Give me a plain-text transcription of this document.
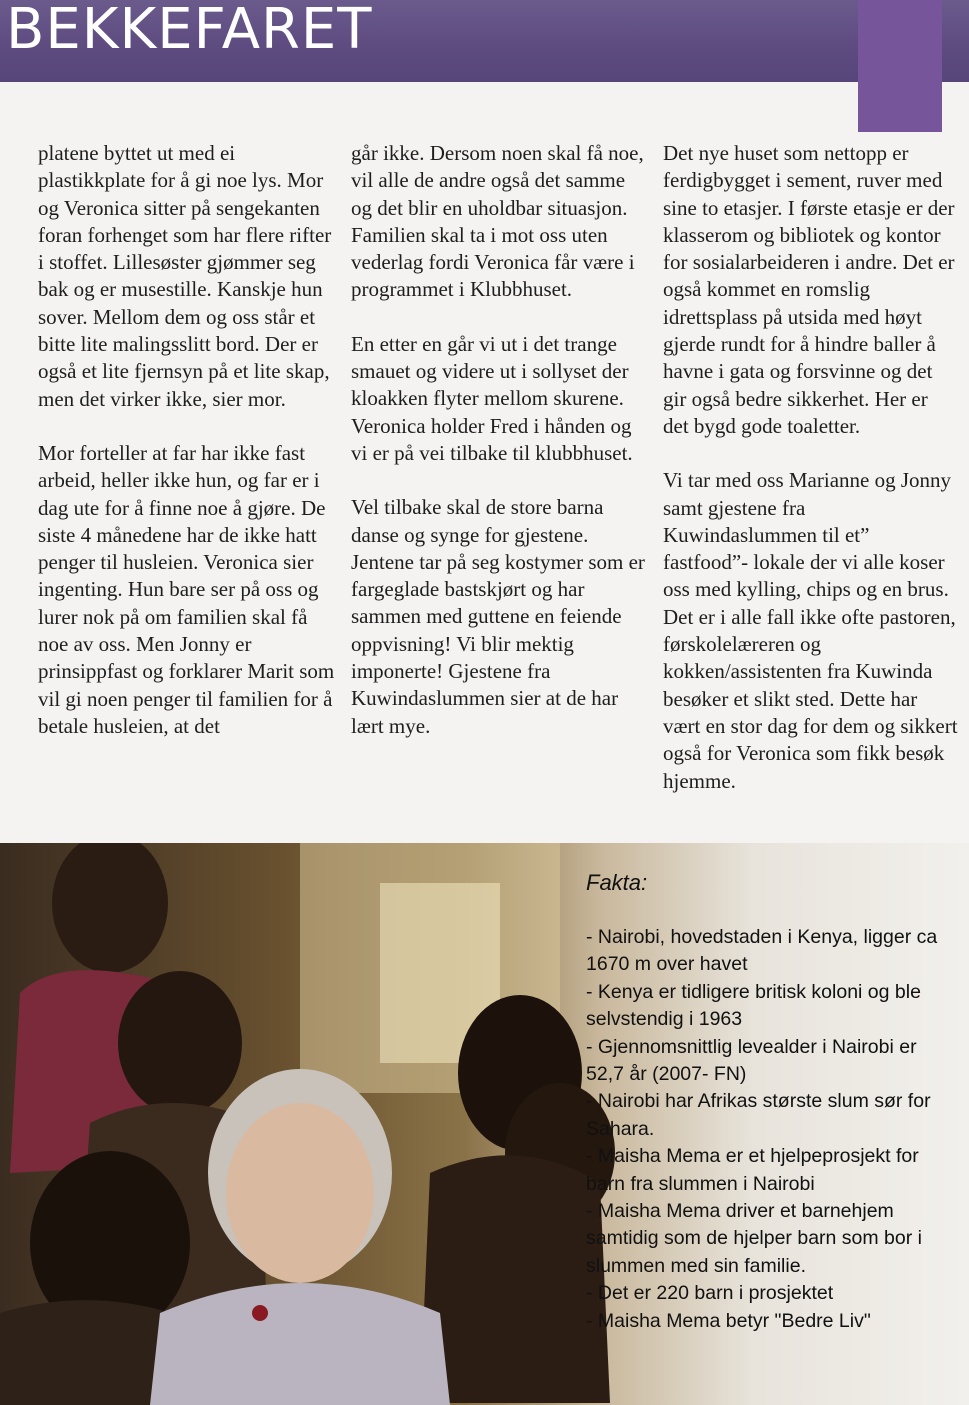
BEKKEFARET

platene byttet ut med ei plastikkplate for å gi noe lys. Mor og Veronica sitter på sengekanten foran forhenget som har flere rifter i stoffet. Lillesøster gjømmer seg bak og er musestille. Kanskje hun sover. Mellom dem og oss står et bitte lite malingsslitt bord. Der er også et lite fjernsyn på et lite skap, men det virker ikke, sier mor.

Mor forteller at far har ikke fast arbeid, heller ikke hun, og far er i dag ute for å finne noe å gjøre. De siste 4 månedene har de ikke hatt penger til husleien. Veronica sier ingenting. Hun bare ser på oss og lurer nok på om familien skal få noe av oss. Men Jonny er prinsippfast og forklarer Marit som vil gi noen penger til familien for å betale husleien, at det

går ikke. Dersom noen skal få noe, vil alle de andre også det samme og det blir en uholdbar situasjon. Familien skal ta i mot oss uten vederlag fordi Veronica får være i programmet i Klubbhuset.

En etter en går vi ut i det trange smauet og videre ut i sollyset der kloakken flyter mellom skurene. Veronica holder Fred i hånden og vi er på vei tilbake til klubbhuset.

Vel tilbake skal de store barna danse og synge for gjestene. Jentene tar på seg kostymer som er fargeglade bastskjørt og har sammen med guttene en feiende oppvisning! Vi blir mektig imponerte! Gjestene fra Kuwindaslummen sier at de har lært mye.

Det nye huset som nettopp er ferdigbygget i sement, ruver med sine to etasjer. I første etasje er der klasserom og bibliotek og kontor for sosialarbeideren i andre. Det er også kommet en romslig idrettsplass på utsida med høyt gjerde rundt for å hindre baller å havne i gata og forsvinne og det gir også bedre sikkerhet. Her er det bygd gode toaletter.

Vi tar med oss Marianne og Jonny samt gjestene fra Kuwindaslummen til et” fastfood”- lokale der vi alle koser oss med kylling, chips og en brus. Det er i alle fall ikke ofte pastoren, førskolelæreren og kokken/assistenten fra Kuwinda besøker et slikt sted. Dette har vært en stor dag for dem og sikkert også for Veronica som fikk besøk hjemme.

Fakta:
- Nairobi, hovedstaden i Kenya, ligger ca 1670 m over havet
- Kenya er tidligere britisk koloni og ble selvstendig i 1963
- Gjennomsnittlig levealder i Nairobi er 52,7 år (2007- FN)
- Nairobi har Afrikas største slum sør for Sahara.
- Maisha Mema er et hjelpeprosjekt for barn fra slummen i Nairobi
- Maisha Mema driver et barnehjem samtidig som de hjelper barn som bor i slummen med sin familie.
- Det er 220 barn i prosjektet
- Maisha Mema betyr "Bedre Liv"
